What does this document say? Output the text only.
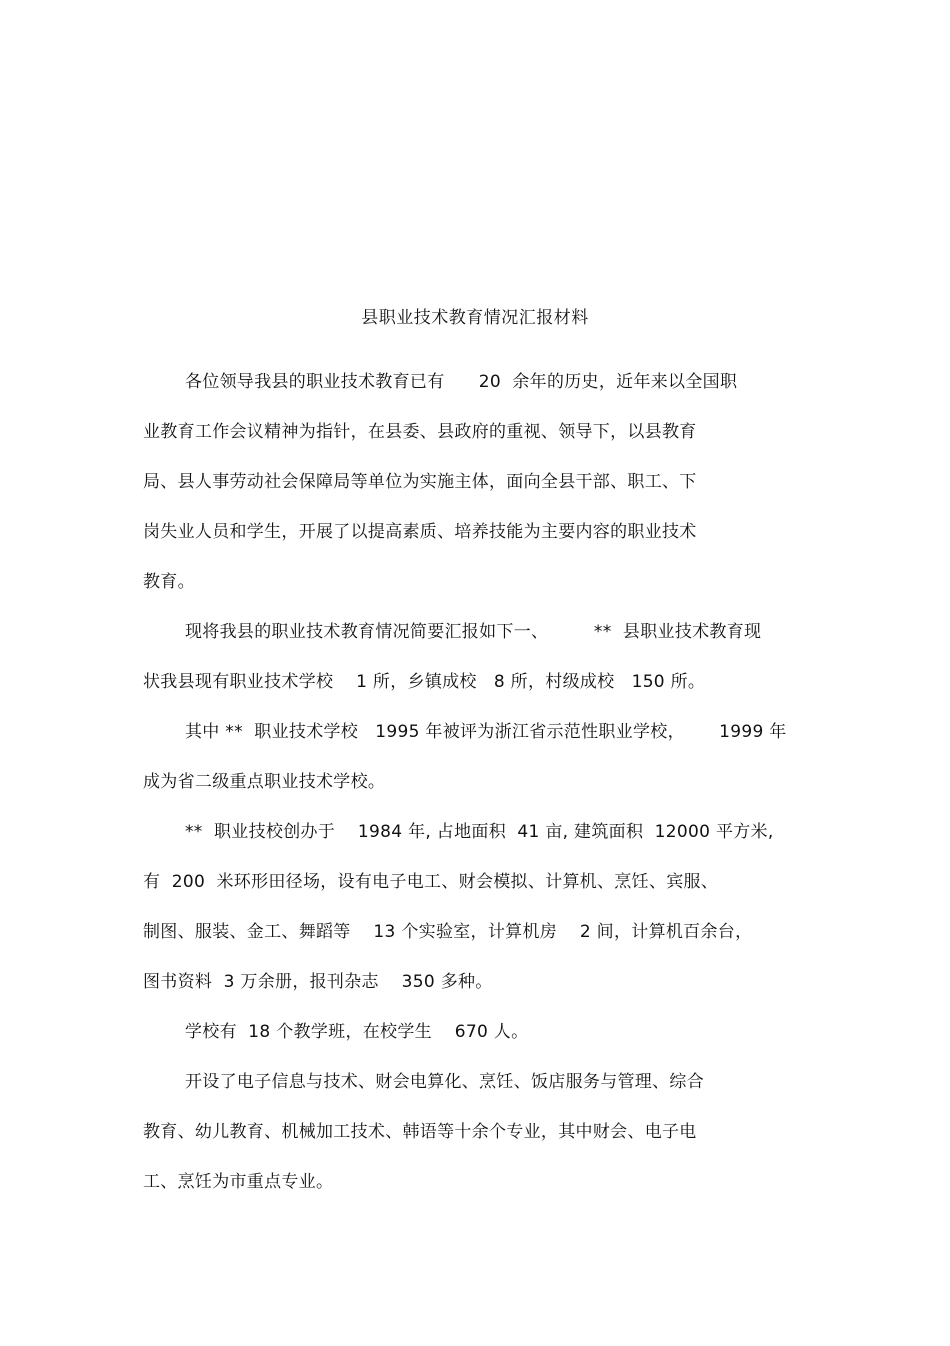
县职业技术教育情况汇报材料
各位领导我县的职业技术教育已有      20  余年的历史，近年来以全国职
业教育工作会议精神为指针，在县委、县政府的重视、领导下，以县教育
局、县人事劳动社会保障局等单位为实施主体，面向全县干部、职工、下
岗失业人员和学生，开展了以提高素质、培养技能为主要内容的职业技术
教育。
现将我县的职业技术教育情况简要汇报如下一、        **  县职业技术教育现
状我县现有职业技术学校    1 所，乡镇成校   8 所，村级成校   150 所。
其中 **  职业技术学校   1995 年被评为浙江省示范性职业学校，      1999 年
成为省二级重点职业技术学校。
**  职业技校创办于    1984 年, 占地面积  41 亩, 建筑面积  12000 平方米,
有  200  米环形田径场，设有电子电工、财会模拟、计算机、烹饪、宾服、
制图、服装、金工、舞蹈等    13 个实验室，计算机房    2 间，计算机百余台，
图书资料  3 万余册，报刊杂志    350 多种。
学校有  18 个教学班，在校学生    670 人。
开设了电子信息与技术、财会电算化、烹饪、饭店服务与管理、综合
教育、幼儿教育、机械加工技术、韩语等十余个专业，其中财会、电子电
工、烹饪为市重点专业。
